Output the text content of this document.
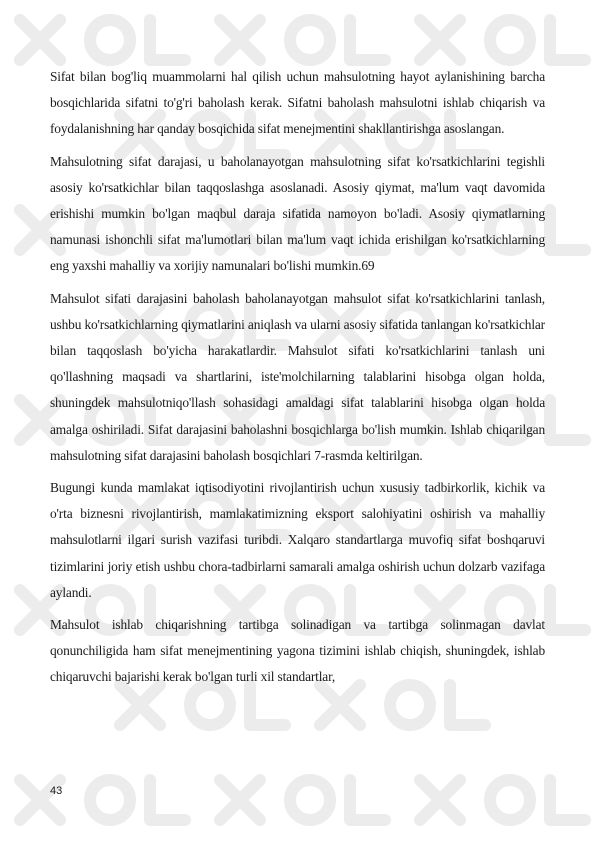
Sifat bilan bog'liq muammolarni hal qilish uchun mahsulotning hayot aylanishining barcha bosqichlarida sifatni to'g'ri baholash kerak. Sifatni baholash mahsulotni ishlab chiqarish va foydalanishning har qanday bosqichida sifat menejmentini shakllantirishga asoslangan.

Mahsulotning sifat darajasi, u baholanayotgan mahsulotning sifat ko'rsatkichlarini tegishli asosiy ko'rsatkichlar bilan taqqoslashga asoslanadi. Asosiy qiymat, ma'lum vaqt davomida erishishi mumkin bo'lgan maqbul daraja sifatida namoyon bo'ladi. Asosiy qiymatlarning namunasi ishonchli sifat ma'lumotlari bilan ma'lum vaqt ichida erishilgan ko'rsatkichlarning eng yaxshi mahalliy va xorijiy namunalari bo'lishi mumkin.69

Mahsulot sifati darajasini baholash baholanayotgan mahsulot sifat ko'rsatkichlarini tanlash, ushbu ko'rsatkichlarning qiymatlarini aniqlash va ularni asosiy sifatida tanlangan ko'rsatkichlar bilan taqqoslash bo'yicha harakatlardir. Mahsulot sifati ko'rsatkichlarini tanlash uni qo'llashning maqsadi va shartlarini, iste'molchilarning talablarini hisobga olgan holda, shuningdek mahsulotniqo'llash sohasidagi amaldagi sifat talablarini hisobga olgan holda amalga oshiriladi. Sifat darajasini baholashni bosqichlarga bo'lish mumkin. Ishlab chiqarilgan mahsulotning sifat darajasini baholash bosqichlari 7-rasmda keltirilgan.

Bugungi kunda mamlakat iqtisodiyotini rivojlantirish uchun xususiy tadbirkorlik, kichik va o'rta biznesni rivojlantirish, mamlakatimizning eksport salohiyatini oshirish va mahalliy mahsulotlarni ilgari surish vazifasi turibdi. Xalqaro standartlarga muvofiq sifat boshqaruvi tizimlarini joriy etish ushbu chora-tadbirlarni samarali amalga oshirish uchun dolzarb vazifaga aylandi.

Mahsulot ishlab chiqarishning tartibga solinadigan va tartibga solinmagan davlat qonunchiligida ham sifat menejmentining yagona tizimini ishlab chiqish, shuningdek, ishlab chiqaruvchi bajarishi kerak bo'lgan turli xil standartlar,

43
